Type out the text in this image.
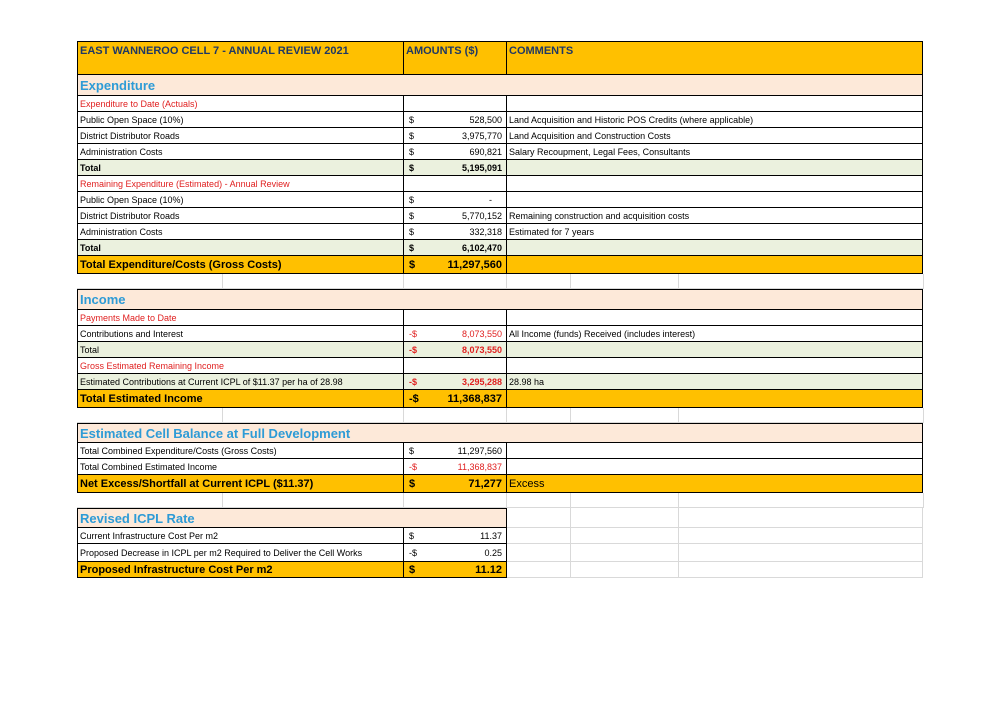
EAST WANNEROO CELL 7 - ANNUAL REVIEW 2021	AMOUNTS ($)	COMMENTS
Expenditure
Expenditure to Date (Actuals)
Public Open Space (10%)	$	528,500 Land Acquisition and Historic POS Credits (where applicable)
District Distributor Roads	$	3,975,770 Land Acquisition and Construction Costs
Administration Costs	$	690,821 Salary Recoupment, Legal Fees, Consultants
Total	$	5,195,091
Remaining Expenditure (Estimated) - Annual Review
Public Open Space (10%)	$	-
District Distributor Roads	$	5,770,152 Remaining construction and acquisition costs
Administration Costs	$	332,318 Estimated for 7 years
Total	$	6,102,470
Total Expenditure/Costs (Gross Costs)	$	11,297,560
Income
Payments Made to Date
Contributions and Interest	-$	8,073,550 All Income (funds) Received (includes interest)
Total	-$	8,073,550
Gross Estimated Remaining Income
Estimated Contributions at Current ICPL of $11.37 per ha of 28.98	-$	3,295,288 28.98 ha
Total Estimated Income	-$	11,368,837
Estimated Cell Balance at Full Development
Total Combined Expenditure/Costs (Gross Costs)	$	11,297,560
Total Combined Estimated Income	-$	11,368,837
Net Excess/Shortfall at Current ICPL ($11.37)	$	71,277 Excess
Revised ICPL Rate
Current Infrastructure Cost Per m2	$	11.37
Proposed Decrease in ICPL per m2 Required to Deliver the Cell Works	-$	0.25
Proposed Infrastructure Cost Per m2	$	11.12
